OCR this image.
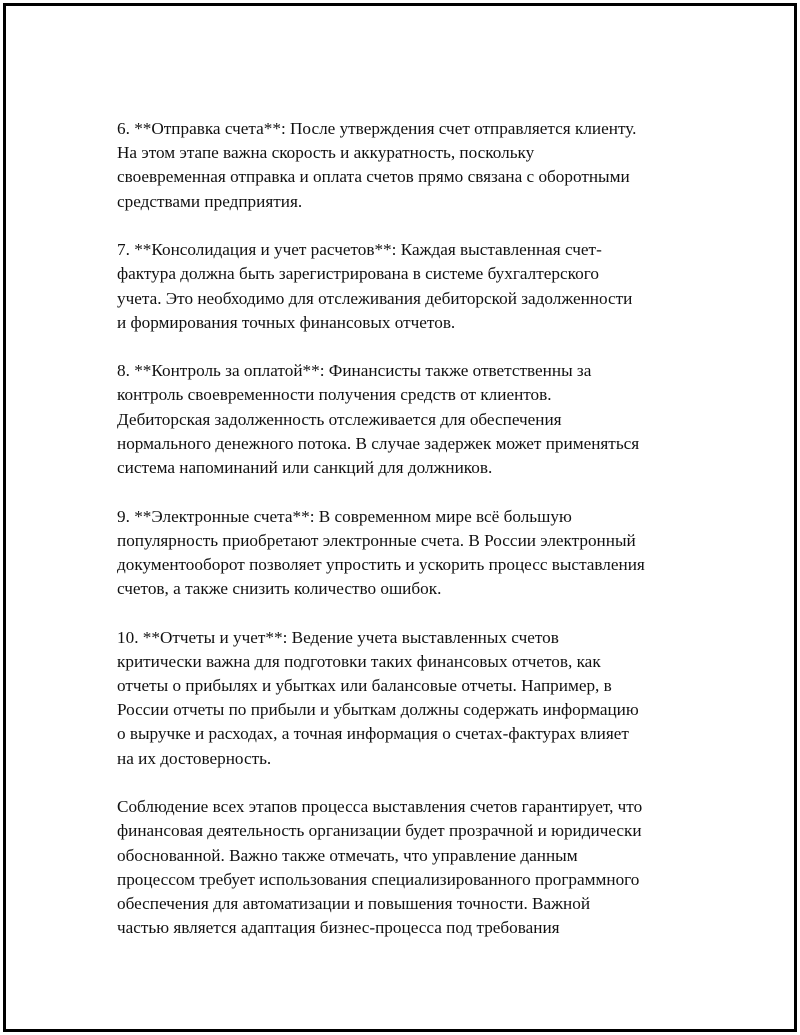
6. **Отправка счета**: После утверждения счет отправляется клиенту.
На этом этапе важна скорость и аккуратность, поскольку
своевременная отправка и оплата счетов прямо связана с оборотными
средствами предприятия.

7. **Консолидация и учет расчетов**: Каждая выставленная счет-
фактура должна быть зарегистрирована в системе бухгалтерского
учета. Это необходимо для отслеживания дебиторской задолженности
и формирования точных финансовых отчетов.

8. **Контроль за оплатой**: Финансисты также ответственны за
контроль своевременности получения средств от клиентов.
Дебиторская задолженность отслеживается для обеспечения
нормального денежного потока. В случае задержек может применяться
система напоминаний или санкций для должников.

9. **Электронные счета**: В современном мире всё большую
популярность приобретают электронные счета. В России электронный
документооборот позволяет упростить и ускорить процесс выставления
счетов, а также снизить количество ошибок.

10. **Отчеты и учет**: Ведение учета выставленных счетов
критически важна для подготовки таких финансовых отчетов, как
отчеты о прибылях и убытках или балансовые отчеты. Например, в
России отчеты по прибыли и убыткам должны содержать информацию
о выручке и расходах, а точная информация о счетах-фактурах влияет
на их достоверность.

Соблюдение всех этапов процесса выставления счетов гарантирует, что
финансовая деятельность организации будет прозрачной и юридически
обоснованной. Важно также отмечать, что управление данным
процессом требует использования специализированного программного
обеспечения для автоматизации и повышения точности. Важной
частью является адаптация бизнес-процесса под требования
